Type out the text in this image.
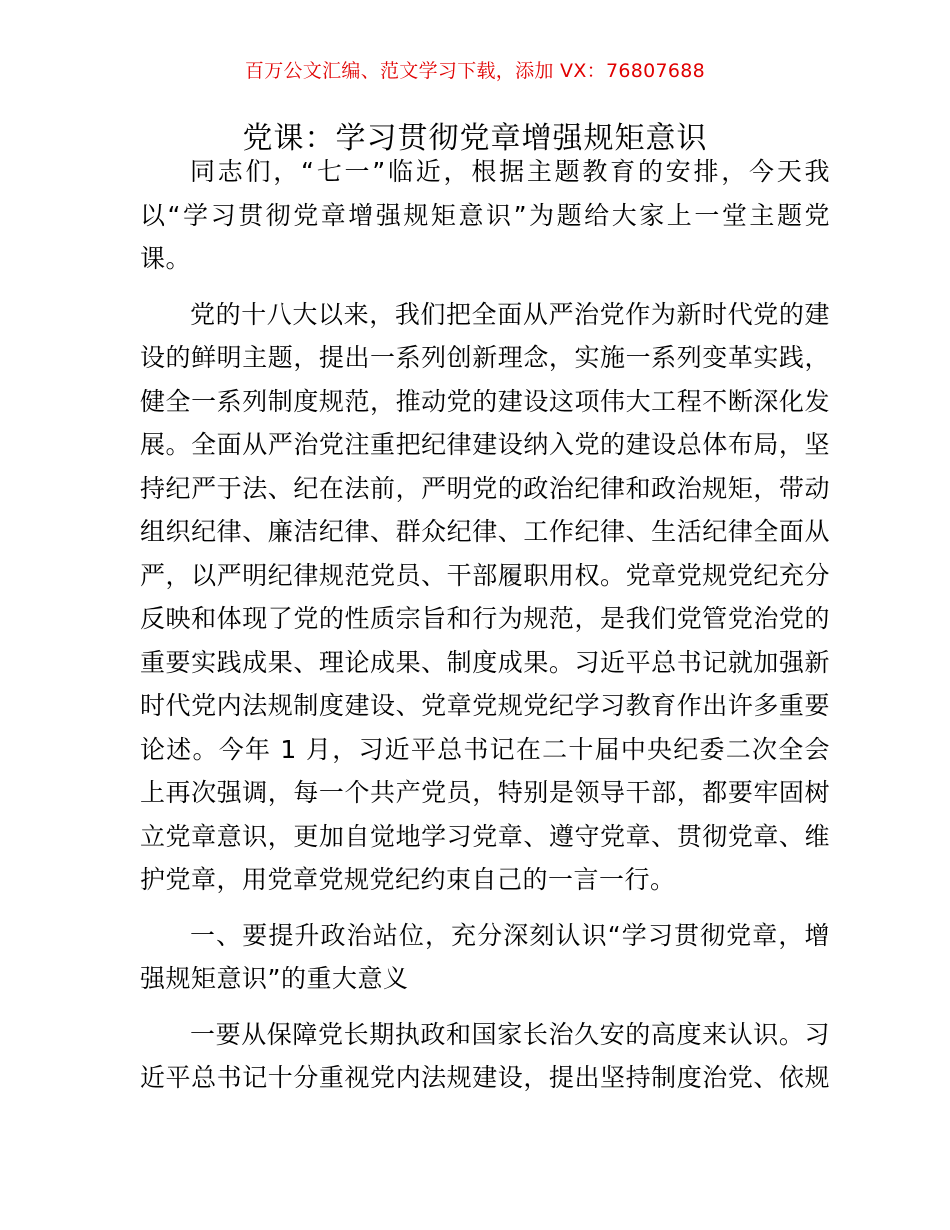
百万公文汇编、范文学习下载，添加 VX：76807688
党课：学习贯彻党章增强规矩意识
同志们，“七一”临近，根据主题教育的安排，今天我
以“学习贯彻党章增强规矩意识”为题给大家上一堂主题党
课。
党的十八大以来，我们把全面从严治党作为新时代党的建
设的鲜明主题，提出一系列创新理念，实施一系列变革实践，
健全一系列制度规范，推动党的建设这项伟大工程不断深化发
展。全面从严治党注重把纪律建设纳入党的建设总体布局，坚
持纪严于法、纪在法前，严明党的政治纪律和政治规矩，带动
组织纪律、廉洁纪律、群众纪律、工作纪律、生活纪律全面从
严，以严明纪律规范党员、干部履职用权。党章党规党纪充分
反映和体现了党的性质宗旨和行为规范，是我们党管党治党的
重要实践成果、理论成果、制度成果。习近平总书记就加强新
时代党内法规制度建设、党章党规党纪学习教育作出许多重要
论述。今年 1 月，习近平总书记在二十届中央纪委二次全会
上再次强调，每一个共产党员，特别是领导干部，都要牢固树
立党章意识，更加自觉地学习党章、遵守党章、贯彻党章、维
护党章，用党章党规党纪约束自己的一言一行。
一、要提升政治站位，充分深刻认识“学习贯彻党章，增
强规矩意识”的重大意义
一要从保障党长期执政和国家长治久安的高度来认识。习
近平总书记十分重视党内法规建设，提出坚持制度治党、依规
